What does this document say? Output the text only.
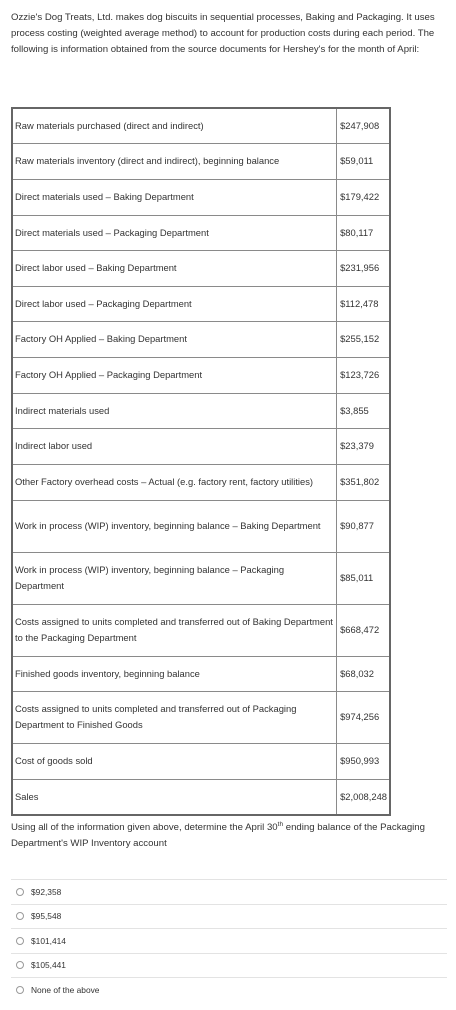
Ozzie's Dog Treats, Ltd. makes dog biscuits in sequential processes, Baking and Packaging. It uses process costing (weighted average method) to account for production costs during each period. The following is information obtained from the source documents for Hershey's for the month of April:
Raw materials purchased (direct and indirect)	$247,908
Raw materials inventory (direct and indirect), beginning balance	$59,011
Direct materials used – Baking Department	$179,422
Direct materials used – Packaging Department	$80,117
Direct labor used – Baking Department	$231,956
Direct labor used – Packaging Department	$112,478
Factory OH Applied – Baking Department	$255,152
Factory OH Applied – Packaging Department	$123,726
Indirect materials used	$3,855
Indirect labor used	$23,379
Other Factory overhead costs – Actual (e.g. factory rent, factory utilities)	$351,802
Work in process (WIP) inventory, beginning balance – Baking Department	$90,877
Work in process (WIP) inventory, beginning balance – Packaging Department	$85,011
Costs assigned to units completed and transferred out of Baking Department to the Packaging Department	$668,472
Finished goods inventory, beginning balance	$68,032
Costs assigned to units completed and transferred out of Packaging Department to Finished Goods	$974,256
Cost of goods sold	$950,993
Sales	$2,008,248
Using all of the information given above, determine the April 30th ending balance of the Packaging Department's WIP Inventory account
$92,358
$95,548
$101,414
$105,441
None of the above
